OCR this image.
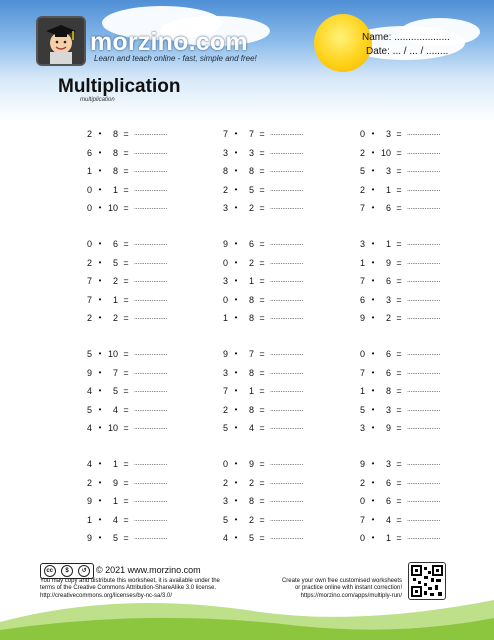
morzino.com
Learn and teach online - fast, simple and free!
Name: ....................
Date: ... / ... / ........
Multiplication
multiplication
2 •	8 = ...................
6 •	8 = ...................
1 •	8 = ...................
0 •	1 = ...................
0 • 10 = ...................
7 •	7 = ...................
3 •	3 = ...................
8 •	8 = ...................
2 •	5 = ...................
3 •	2 = ...................
0 •	3 = ...................
2 • 10 = ...................
5 •	3 = ...................
2 •	1 = ...................
7 •	6 = ...................
0 •	6 = ...................
2 •	5 = ...................
7 •	2 = ...................
7 •	1 = ...................
2 •	2 = ...................
9 •	6 = ...................
0 •	2 = ...................
3 •	1 = ...................
0 •	8 = ...................
1 •	8 = ...................
3 •	1 = ...................
1 •	9 = ...................
7 •	6 = ...................
6 •	3 = ...................
9 •	2 = ...................
5 • 10 = ...................
9 •	7 = ...................
4 •	5 = ...................
5 •	4 = ...................
4 • 10 = ...................
9 •	7 = ...................
3 •	8 = ...................
7 •	1 = ...................
2 •	8 = ...................
5 •	4 = ...................
0 •	6 = ...................
7 •	6 = ...................
1 •	8 = ...................
5 •	3 = ...................
3 •	9 = ...................
4 •	1 = ...................
2 •	9 = ...................
9 •	1 = ...................
1 •	4 = ...................
9 •	5 = ...................
0 •	9 = ...................
2 •	2 = ...................
3 •	8 = ...................
5 •	2 = ...................
4 •	5 = ...................
9 •	3 = ...................
2 •	6 = ...................
0 •	6 = ...................
7 •	4 = ...................
0 •	1 = ...................
cc	$	↺	© 2021 www.morzino.com
You may copy and distribute this worksheet, it is available under the
terms of the Creative Commons Attribution-ShareAlike 3.0 license.
http://creativecommons.org/licenses/by-nc-sa/3.0/
Create your own free customised worksheets
or practice online with instant correction!
https://morzino.com/apps/multiply-run/
